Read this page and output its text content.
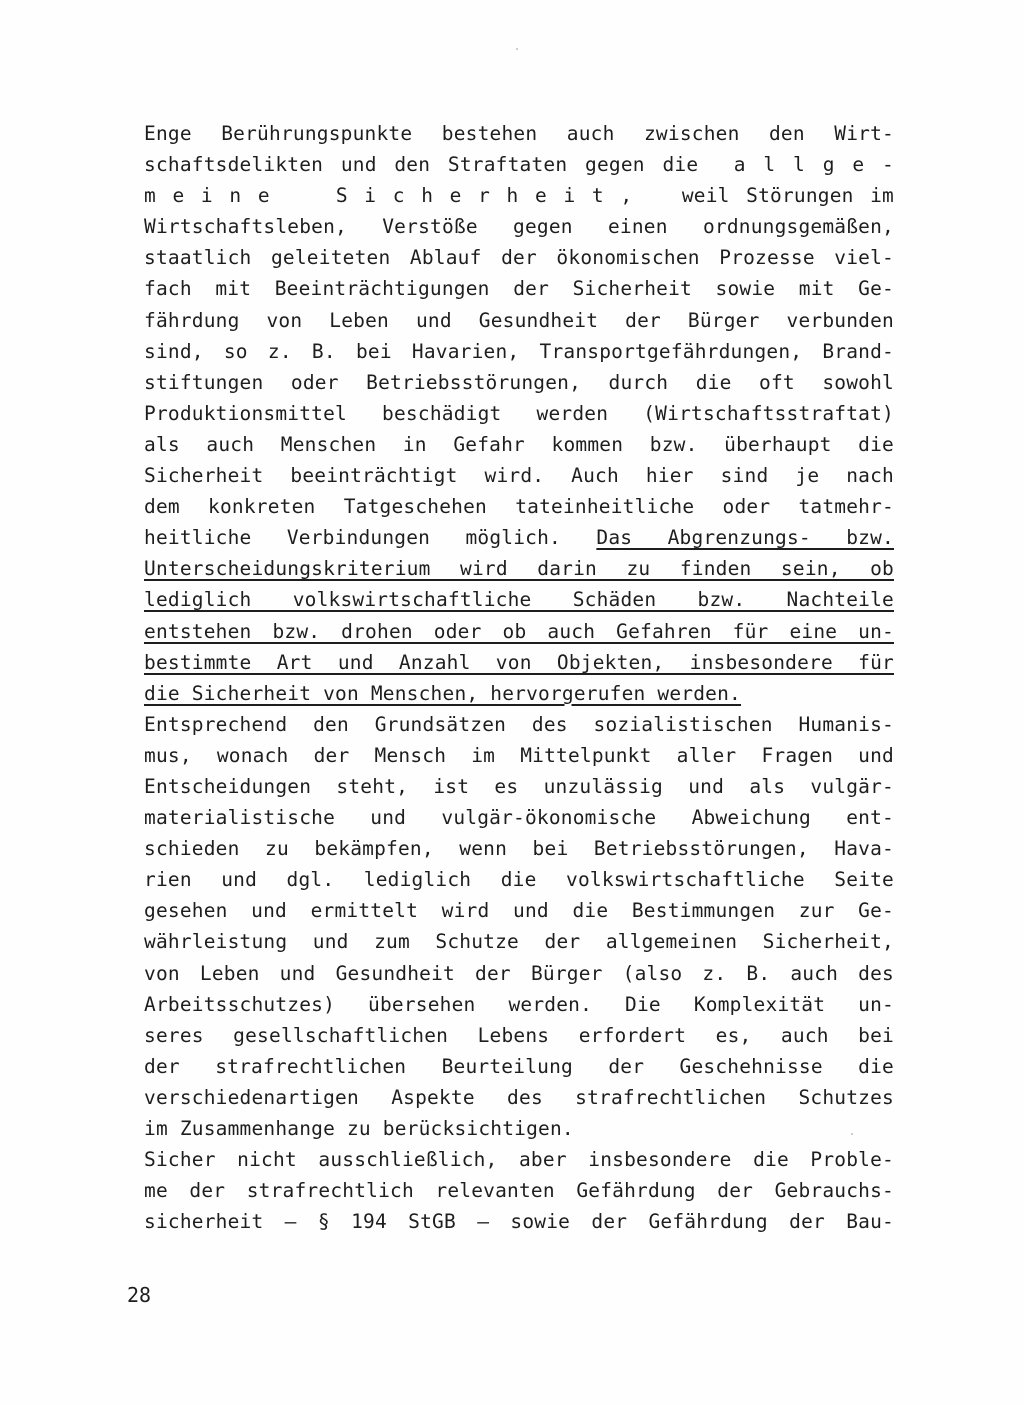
Enge Berührungspunkte bestehen auch zwischen den Wirt-
schaftsdelikten und den Straftaten gegen die  a l l g e -
m e i n e    S i c h e r h e i t ,   weil Störungen im
Wirtschaftsleben, Verstöße gegen einen ordnungsgemäßen,
staatlich geleiteten Ablauf der ökonomischen Prozesse viel-
fach mit Beeinträchtigungen der Sicherheit sowie mit Ge-
fährdung von Leben und Gesundheit der Bürger verbunden
sind, so z. B. bei Havarien, Transportgefährdungen, Brand-
stiftungen oder Betriebsstörungen, durch die oft sowohl
Produktionsmittel beschädigt werden (Wirtschaftsstraftat)
als auch Menschen in Gefahr kommen bzw. überhaupt die
Sicherheit beeinträchtigt wird. Auch hier sind je nach
dem konkreten Tatgeschehen tateinheitliche oder tatmehr-
heitliche Verbindungen möglich. Das Abgrenzungs- bzw.
Unterscheidungskriterium wird darin zu finden sein, ob
lediglich volkswirtschaftliche Schäden bzw. Nachteile
entstehen bzw. drohen oder ob auch Gefahren für eine un-
bestimmte Art und Anzahl von Objekten, insbesondere für
die Sicherheit von Menschen, hervorgerufen werden.
Entsprechend den Grundsätzen des sozialistischen Humanis-
mus, wonach der Mensch im Mittelpunkt aller Fragen und
Entscheidungen steht, ist es unzulässig und als vulgär-
materialistische und vulgär-ökonomische Abweichung ent-
schieden zu bekämpfen, wenn bei Betriebsstörungen, Hava-
rien und dgl. lediglich die volkswirtschaftliche Seite
gesehen und ermittelt wird und die Bestimmungen zur Ge-
währleistung und zum Schutze der allgemeinen Sicherheit,
von Leben und Gesundheit der Bürger (also z. B. auch des
Arbeitsschutzes) übersehen werden. Die Komplexität un-
seres gesellschaftlichen Lebens erfordert es, auch bei
der strafrechtlichen Beurteilung der Geschehnisse die
verschiedenartigen Aspekte des strafrechtlichen Schutzes
im Zusammenhange zu berücksichtigen.
Sicher nicht ausschließlich, aber insbesondere die Proble-
me der strafrechtlich relevanten Gefährdung der Gebrauchs-
sicherheit – § 194 StGB – sowie der Gefährdung der Bau-
28
